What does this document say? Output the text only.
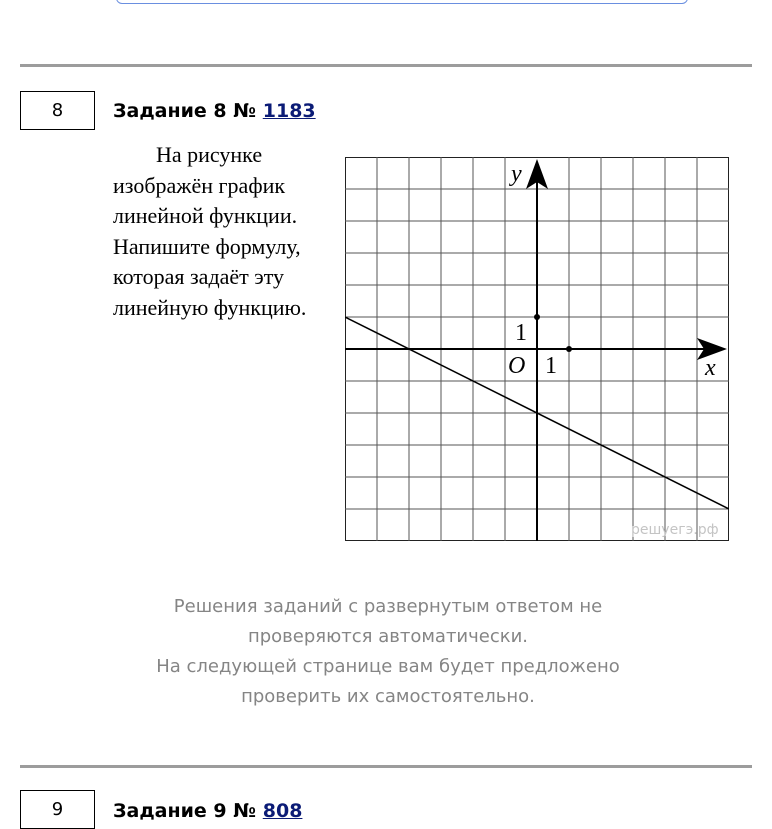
8	Задание 8 № 1183

На рисунке изображён график линейной функции. Напишите формулу, которая задаёт эту линейную функцию.

решуегэ.рф
y
x
O 1
1
Решения заданий с развернутым ответом не проверяются автоматически.
На следующей странице вам будет предложено проверить их самостоятельно.
9	Задание 9 № 808
